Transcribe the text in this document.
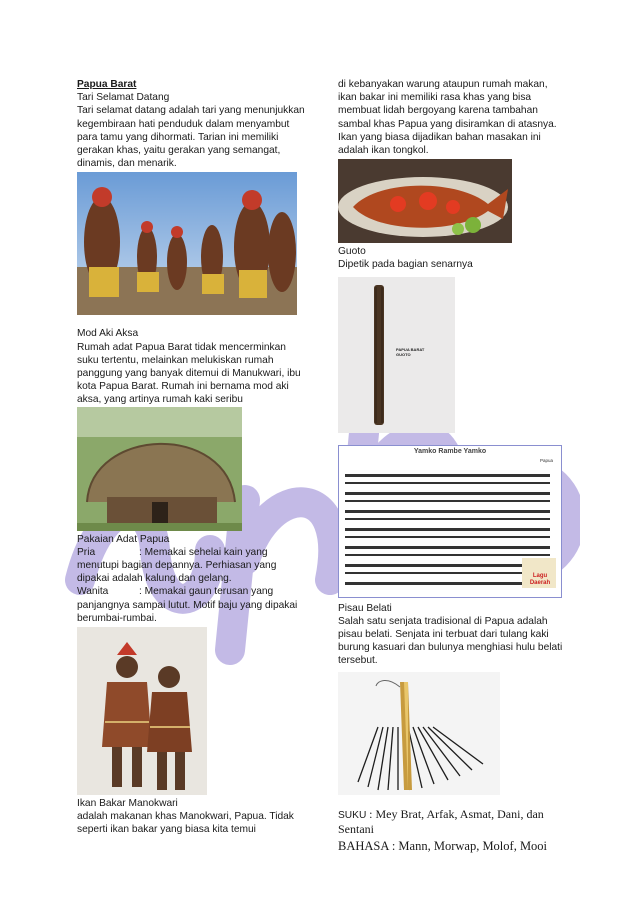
Papua Barat

Tari Selamat Datang

Tari selamat datang adalah tari yang menunjukkan kegembiraan hati penduduk dalam menyambut para tamu yang dihormati. Tarian ini memiliki gerakan khas, yaitu gerakan yang semangat, dinamis, dan menarik.

Mod Aki Aksa

Rumah adat Papua Barat tidak mencerminkan suku tertentu, melainkan melukiskan rumah panggung yang banyak ditemui di Manukwari, ibu kota Papua Barat. Rumah ini bernama mod aki aksa, yang artinya rumah kaki seribu

Pakaian Adat Papua

Pria	: Memakai sehelai kain yang

menutupi bagian depannya. Perhiasan yang dipakai adalah kalung dan gelang.

Wanita	: Memakai gaun terusan yang

panjangnya sampai lutut. Motif baju yang dipakai berumbai-rumbai.

Ikan Bakar Manokwari

adalah makanan khas Manokwari, Papua. Tidak seperti ikan bakar yang biasa kita temui

di kebanyakan warung ataupun rumah makan, ikan bakar ini memiliki rasa khas yang bisa membuat lidah bergoyang karena tambahan sambal khas Papua yang disiramkan di atasnya. Ikan yang biasa dijadikan bahan masakan ini adalah ikan tongkol.

Guoto

Dipetik pada bagian senarnya

PAPUA BARAT GUOTO
Yamko Rambe Yamko
Papua
Lagu Daerah

Pisau Belati

Salah satu senjata tradisional di Papua adalah pisau belati. Senjata ini terbuat dari tulang kaki burung kasuari dan bulunya menghiasi hulu belati tersebut.

SUKU : Mey Brat, Arfak, Asmat, Dani, dan Sentani

BAHASA : Mann, Morwap, Molof, Mooi
